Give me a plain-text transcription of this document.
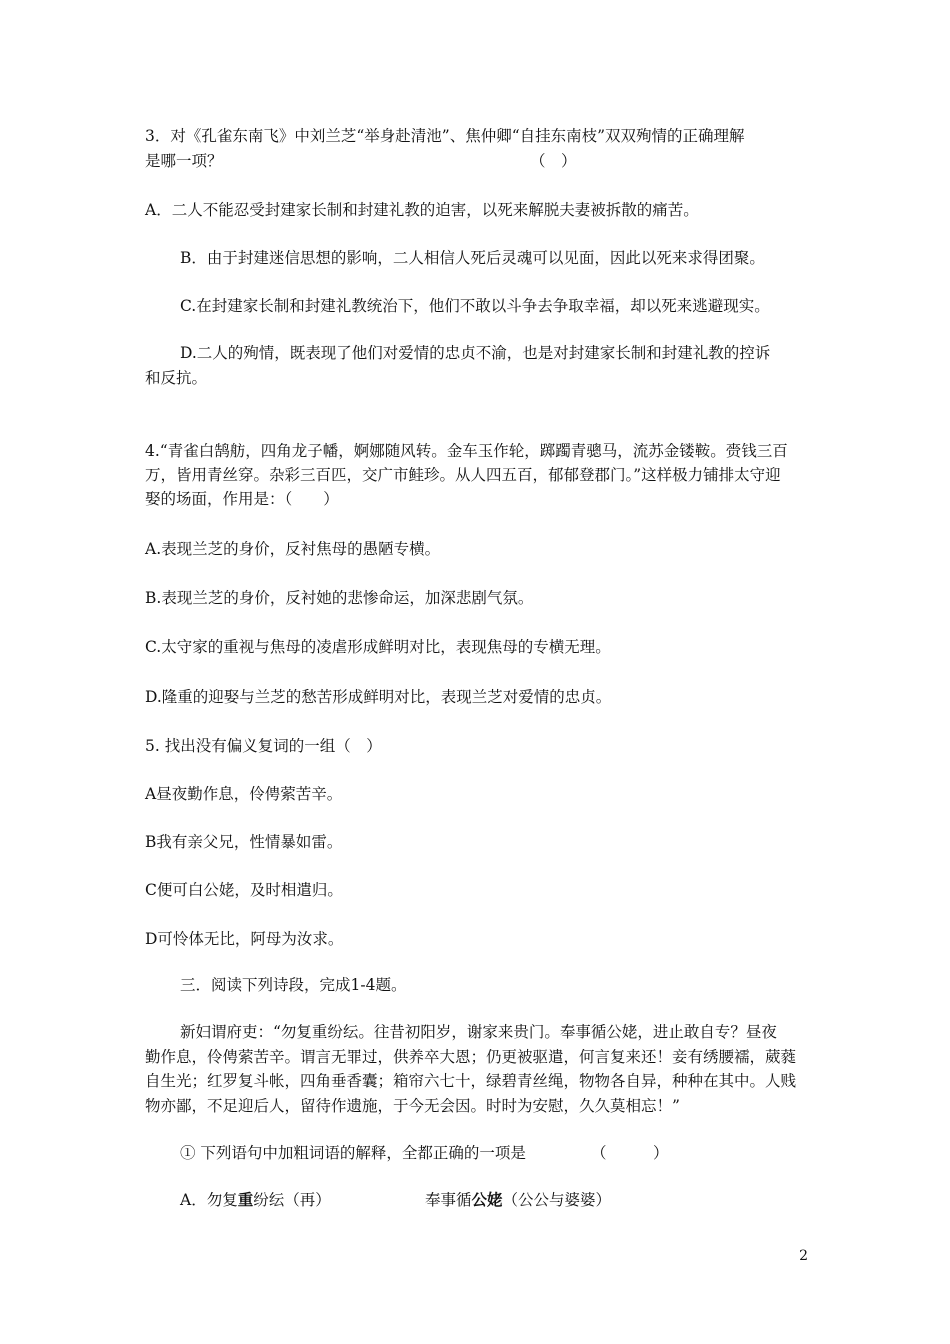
3．对《孔雀东南飞》中刘兰芝“举身赴清池”、焦仲卿“自挂东南枝”双双殉情的正确理解
是哪一项？	（　）
A．二人不能忍受封建家长制和封建礼教的迫害，以死来解脱夫妻被拆散的痛苦。
B．由于封建迷信思想的影响，二人相信人死后灵魂可以见面，因此以死来求得团聚。
C.在封建家长制和封建礼教统治下，他们不敢以斗争去争取幸福，却以死来逃避现实。
D.二人的殉情，既表现了他们对爱情的忠贞不渝，也是对封建家长制和封建礼教的控诉
和反抗。
4.“青雀白鹄舫，四角龙子幡，婀娜随风转。金车玉作轮，踯躅青骢马，流苏金镂鞍。赍钱三百
万，皆用青丝穿。杂彩三百匹，交广市鲑珍。从人四五百，郁郁登郡门。”这样极力铺排太守迎
娶的场面，作用是：（　　）
A.表现兰芝的身价，反衬焦母的愚陋专横。
B.表现兰芝的身价，反衬她的悲惨命运，加深悲剧气氛。
C.太守家的重视与焦母的凌虐形成鲜明对比，表现焦母的专横无理。
D.隆重的迎娶与兰芝的愁苦形成鲜明对比，表现兰芝对爱情的忠贞。
5. 找出没有偏义复词的一组（　）
A昼夜勤作息，伶俜萦苦辛。
B我有亲父兄，性情暴如雷。
C便可白公姥，及时相遣归。
D可怜体无比，阿母为汝求。
三．阅读下列诗段，完成1-4题。
新妇谓府吏：“勿复重纷纭。往昔初阳岁，谢家来贵门。奉事循公姥，进止敢自专？昼夜
勤作息，伶俜萦苦辛。谓言无罪过，供养卒大恩；仍更被驱遣，何言复来还！妾有绣腰襦，葳蕤
自生光；红罗复斗帐，四角垂香囊；箱帘六七十，绿碧青丝绳，物物各自异，种种在其中。人贱
物亦鄙，不足迎后人，留待作遗施，于今无会因。时时为安慰，久久莫相忘！”
① 下列语句中加粗词语的解释，全都正确的一项是	（　　　）
A．勿复重纷纭（再）	奉事循公姥（公公与婆婆）
2
